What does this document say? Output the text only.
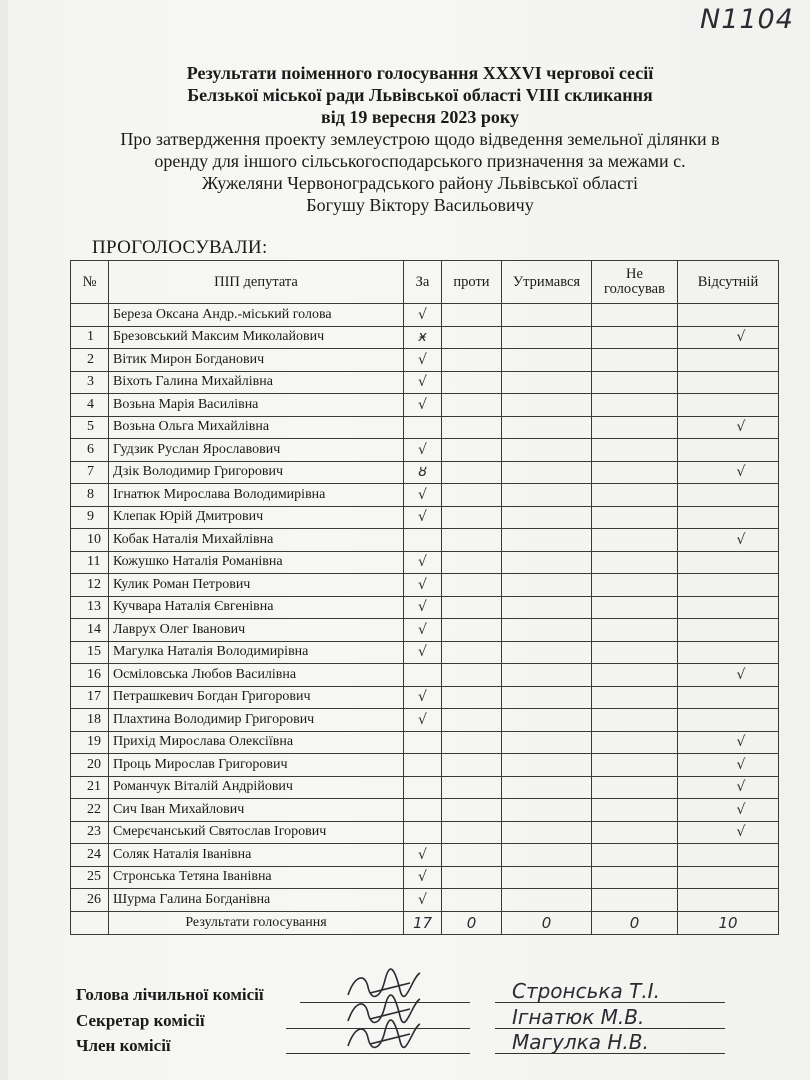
N1104
Результати поіменного голосування XXXVI чергової сесії
Белзької міської ради Львівської області VIII скликання
від 19 вересня 2023 року
Про затвердження проекту землеустрою щодо відведення земельної ділянки в
оренду для іншого сільськогосподарського призначення за межами с.
Жужеляни Червоноградського району Львівської області
Богушу Віктору Васильовичу
ПРОГОЛОСУВАЛИ:
№	ПІП депутата	За	проти	Утримався	Не голосував	Відсутній
	Береза Оксана Андр.-міський голова	√				
1	Брезовський Максим Миколайович	ӿ				√
2	Вітик Мирон Богданович	√				
3	Віхоть Галина Михайлівна	√				
4	Возьна Марія Василівна	√				
5	Возьна Ольга Михайлівна					√
6	Гудзик Руслан Ярославович	√				
7	Дзік Володимир Григорович	ȣ				√
8	Ігнатюк Мирослава Володимирівна	√				
9	Клепак Юрій Дмитрович	√				
10	Кобак Наталія Михайлівна					√
11	Кожушко Наталія Романівна	√				
12	Кулик Роман Петрович	√				
13	Кучвара Наталія Євгенівна	√				
14	Лаврух Олег Іванович	√				
15	Магулка Наталія Володимирівна	√				
16	Осміловська Любов Василівна					√
17	Петрашкевич Богдан Григорович	√				
18	Плахтина Володимир Григорович	√				
19	Прихід Мирослава Олексіївна					√
20	Проць Мирослав Григорович					√
21	Романчук Віталій Андрійович					√
22	Сич Іван Михайлович					√
23	Смерєчанський Святослав Ігорович					√
24	Соляк Наталія Іванівна	√				
25	Стронська Тетяна Іванівна	√				
26	Шурма Галина Богданівна	√				
	Результати голосування	17	0	0	0	10
Голова лічильної комісії	Стронська Т.І.
Секретар комісії	Ігнатюк М.В.
Член комісії	Магулка Н.В.
